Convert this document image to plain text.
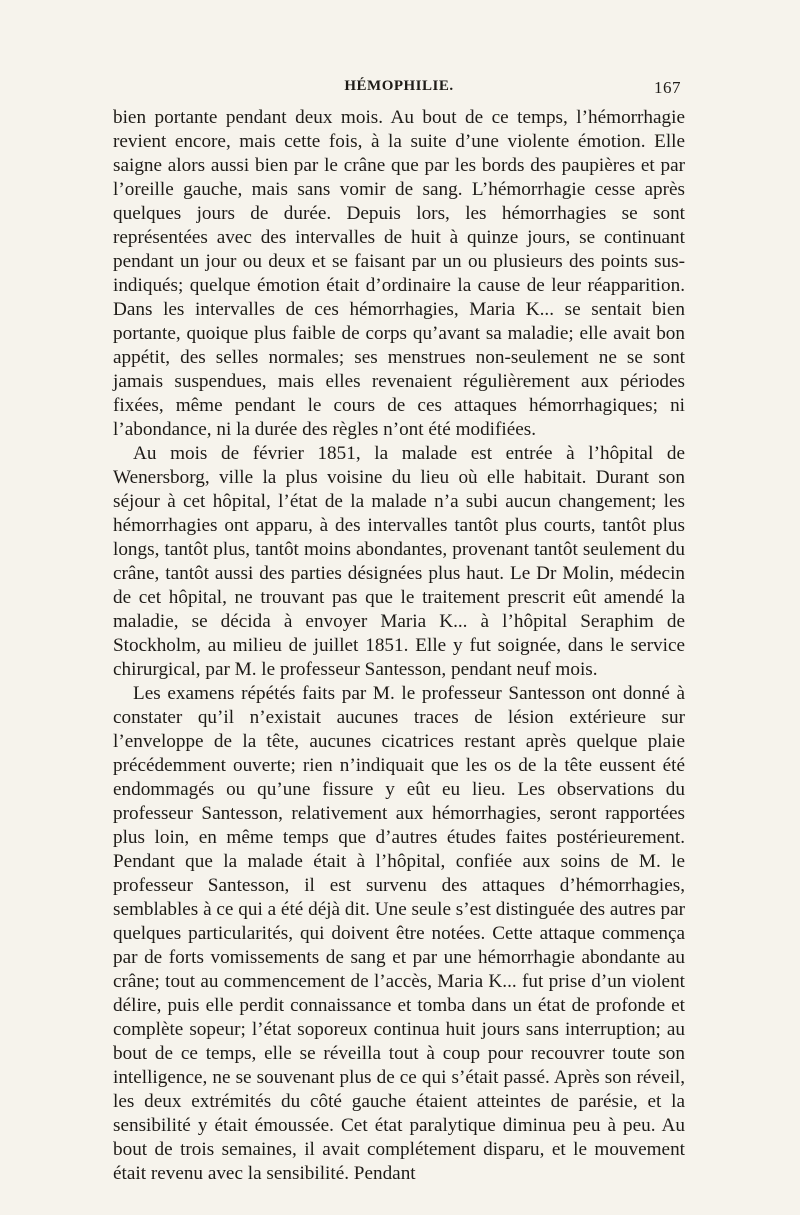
HÉMOPHILIE.	167

bien portante pendant deux mois. Au bout de ce temps, l’hémorrhagie revient encore, mais cette fois, à la suite d’une violente émotion. Elle saigne alors aussi bien par le crâne que par les bords des paupières et par l’oreille gauche, mais sans vomir de sang. L’hémorrhagie cesse après quelques jours de durée. Depuis lors, les hémorrhagies se sont représentées avec des intervalles de huit à quinze jours, se continuant pendant un jour ou deux et se faisant par un ou plusieurs des points sus-indiqués; quelque émotion était d’ordinaire la cause de leur réapparition. Dans les intervalles de ces hémorrhagies, Maria K... se sentait bien portante, quoique plus faible de corps qu’avant sa maladie; elle avait bon appétit, des selles normales; ses menstrues non-seulement ne se sont jamais suspendues, mais elles revenaient régulièrement aux périodes fixées, même pendant le cours de ces attaques hémorrhagiques; ni l’abondance, ni la durée des règles n’ont été modifiées.

Au mois de février 1851, la malade est entrée à l’hôpital de Wenersborg, ville la plus voisine du lieu où elle habitait. Durant son séjour à cet hôpital, l’état de la malade n’a subi aucun changement; les hémorrhagies ont apparu, à des intervalles tantôt plus courts, tantôt plus longs, tantôt plus, tantôt moins abondantes, provenant tantôt seulement du crâne, tantôt aussi des parties désignées plus haut. Le Dr Molin, médecin de cet hôpital, ne trouvant pas que le traitement prescrit eût amendé la maladie, se décida à envoyer Maria K... à l’hôpital Seraphim de Stockholm, au milieu de juillet 1851. Elle y fut soignée, dans le service chirurgical, par M. le professeur Santesson, pendant neuf mois.

Les examens répétés faits par M. le professeur Santesson ont donné à constater qu’il n’existait aucunes traces de lésion extérieure sur l’enveloppe de la tête, aucunes cicatrices restant après quelque plaie précédemment ouverte; rien n’indiquait que les os de la tête eussent été endommagés ou qu’une fissure y eût eu lieu. Les observations du professeur Santesson, relativement aux hémorrhagies, seront rapportées plus loin, en même temps que d’autres études faites postérieurement. Pendant que la malade était à l’hôpital, confiée aux soins de M. le professeur Santesson, il est survenu des attaques d’hémorrhagies, semblables à ce qui a été déjà dit. Une seule s’est distinguée des autres par quelques particularités, qui doivent être notées. Cette attaque commença par de forts vomissements de sang et par une hémorrhagie abondante au crâne; tout au commencement de l’accès, Maria K... fut prise d’un violent délire, puis elle perdit connaissance et tomba dans un état de profonde et complète sopeur; l’état soporeux continua huit jours sans interruption; au bout de ce temps, elle se réveilla tout à coup pour recouvrer toute son intelligence, ne se souvenant plus de ce qui s’était passé. Après son réveil, les deux extrémités du côté gauche étaient atteintes de parésie, et la sensibilité y était émoussée. Cet état paralytique diminua peu à peu. Au bout de trois semaines, il avait complétement disparu, et le mouvement était revenu avec la sensibilité. Pendant
